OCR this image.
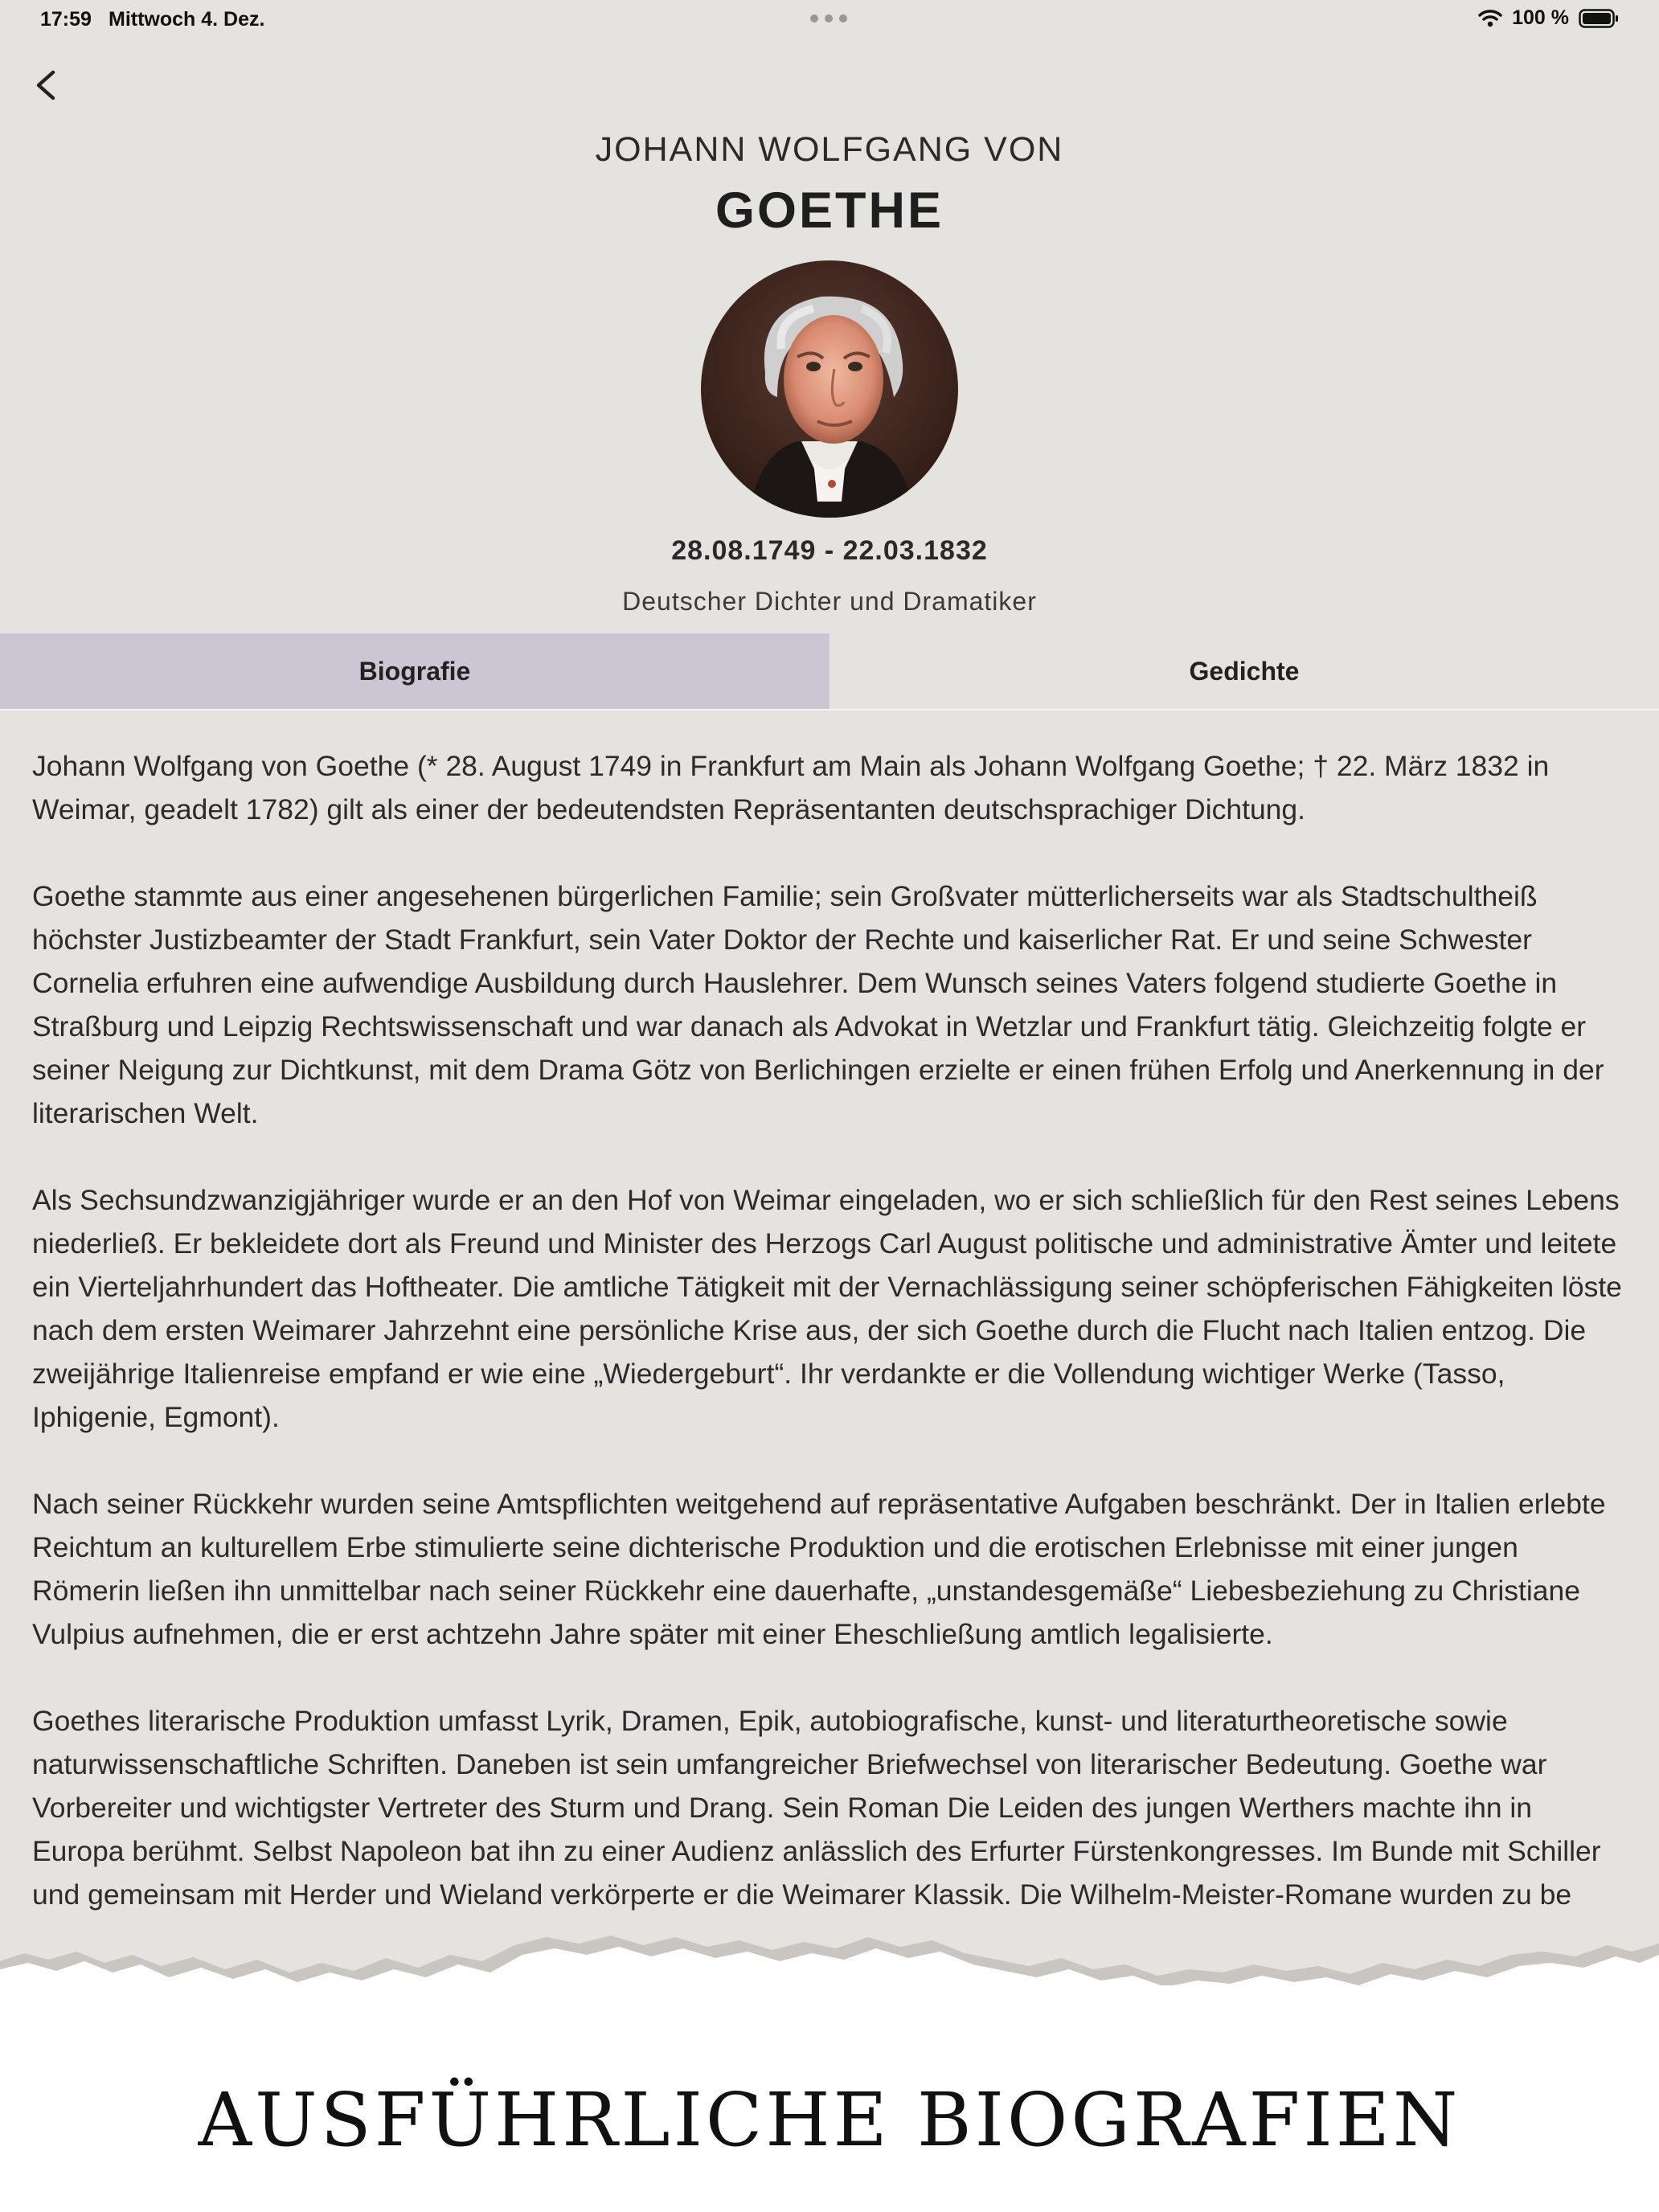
17:59 Mittwoch 4. Dez.	100 %
JOHANN WOLFGANG VON
GOETHE
28.08.1749 - 22.03.1832
Deutscher Dichter und Dramatiker
Biografie	Gedichte

Johann Wolfgang von Goethe (* 28. August 1749 in Frankfurt am Main als Johann Wolfgang Goethe; † 22. März 1832 in Weimar, geadelt 1782) gilt als einer der bedeutendsten Repräsentanten deutschsprachiger Dichtung.

Goethe stammte aus einer angesehenen bürgerlichen Familie; sein Großvater mütterlicherseits war als Stadtschultheiß höchster Justizbeamter der Stadt Frankfurt, sein Vater Doktor der Rechte und kaiserlicher Rat. Er und seine Schwester Cornelia erfuhren eine aufwendige Ausbildung durch Hauslehrer. Dem Wunsch seines Vaters folgend studierte Goethe in Straßburg und Leipzig Rechtswissenschaft und war danach als Advokat in Wetzlar und Frankfurt tätig. Gleichzeitig folgte er seiner Neigung zur Dichtkunst, mit dem Drama Götz von Berlichingen erzielte er einen frühen Erfolg und Anerkennung in der literarischen Welt.

Als Sechsundzwanzigjähriger wurde er an den Hof von Weimar eingeladen, wo er sich schließlich für den Rest seines Lebens niederließ. Er bekleidete dort als Freund und Minister des Herzogs Carl August politische und administrative Ämter und leitete ein Vierteljahrhundert das Hoftheater. Die amtliche Tätigkeit mit der Vernachlässigung seiner schöpferischen Fähigkeiten löste nach dem ersten Weimarer Jahrzehnt eine persönliche Krise aus, der sich Goethe durch die Flucht nach Italien entzog. Die zweijährige Italienreise empfand er wie eine „Wiedergeburt“. Ihr verdankte er die Vollendung wichtiger Werke (Tasso, Iphigenie, Egmont).

Nach seiner Rückkehr wurden seine Amtspflichten weitgehend auf repräsentative Aufgaben beschränkt. Der in Italien erlebte Reichtum an kulturellem Erbe stimulierte seine dichterische Produktion und die erotischen Erlebnisse mit einer jungen Römerin ließen ihn unmittelbar nach seiner Rückkehr eine dauerhafte, „unstandesgemäße“ Liebesbeziehung zu Christiane Vulpius aufnehmen, die er erst achtzehn Jahre später mit einer Eheschließung amtlich legalisierte.

Goethes literarische Produktion umfasst Lyrik, Dramen, Epik, autobiografische, kunst- und literaturtheoretische sowie naturwissenschaftliche Schriften. Daneben ist sein umfangreicher Briefwechsel von literarischer Bedeutung. Goethe war Vorbereiter und wichtigster Vertreter des Sturm und Drang. Sein Roman Die Leiden des jungen Werthers machte ihn in Europa berühmt. Selbst Napoleon bat ihn zu einer Audienz anlässlich des Erfurter Fürstenkongresses. Im Bunde mit Schiller und gemeinsam mit Herder und Wieland verkörperte er die Weimarer Klassik. Die Wilhelm-Meister-Romane wurden zu be

AUSFÜHRLICHE BIOGRAFIEN
